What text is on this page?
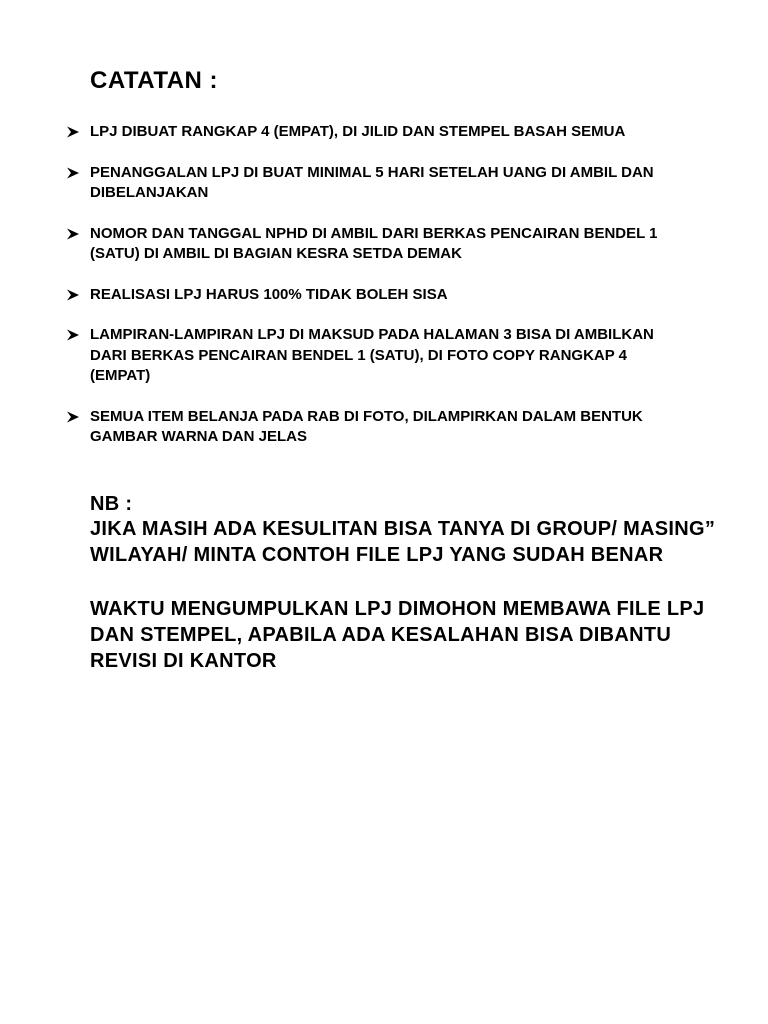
CATATAN :
LPJ DIBUAT RANGKAP 4 (EMPAT), DI JILID DAN STEMPEL BASAH SEMUA
PENANGGALAN LPJ DI BUAT MINIMAL 5 HARI SETELAH UANG DI AMBIL DAN DIBELANJAKAN
NOMOR DAN TANGGAL NPHD DI AMBIL DARI BERKAS PENCAIRAN BENDEL 1 (SATU) DI AMBIL DI BAGIAN KESRA SETDA DEMAK
REALISASI LPJ HARUS 100% TIDAK BOLEH SISA
LAMPIRAN-LAMPIRAN LPJ DI MAKSUD PADA HALAMAN 3 BISA DI AMBILKAN DARI BERKAS PENCAIRAN BENDEL 1 (SATU), DI FOTO COPY RANGKAP 4 (EMPAT)
SEMUA ITEM BELANJA PADA RAB DI FOTO, DILAMPIRKAN DALAM BENTUK GAMBAR WARNA DAN JELAS

NB :

JIKA MASIH ADA KESULITAN BISA TANYA DI GROUP/ MASING” WILAYAH/ MINTA CONTOH FILE LPJ YANG SUDAH BENAR

WAKTU MENGUMPULKAN LPJ DIMOHON MEMBAWA FILE LPJ DAN STEMPEL, APABILA ADA KESALAHAN BISA DIBANTU REVISI DI KANTOR
